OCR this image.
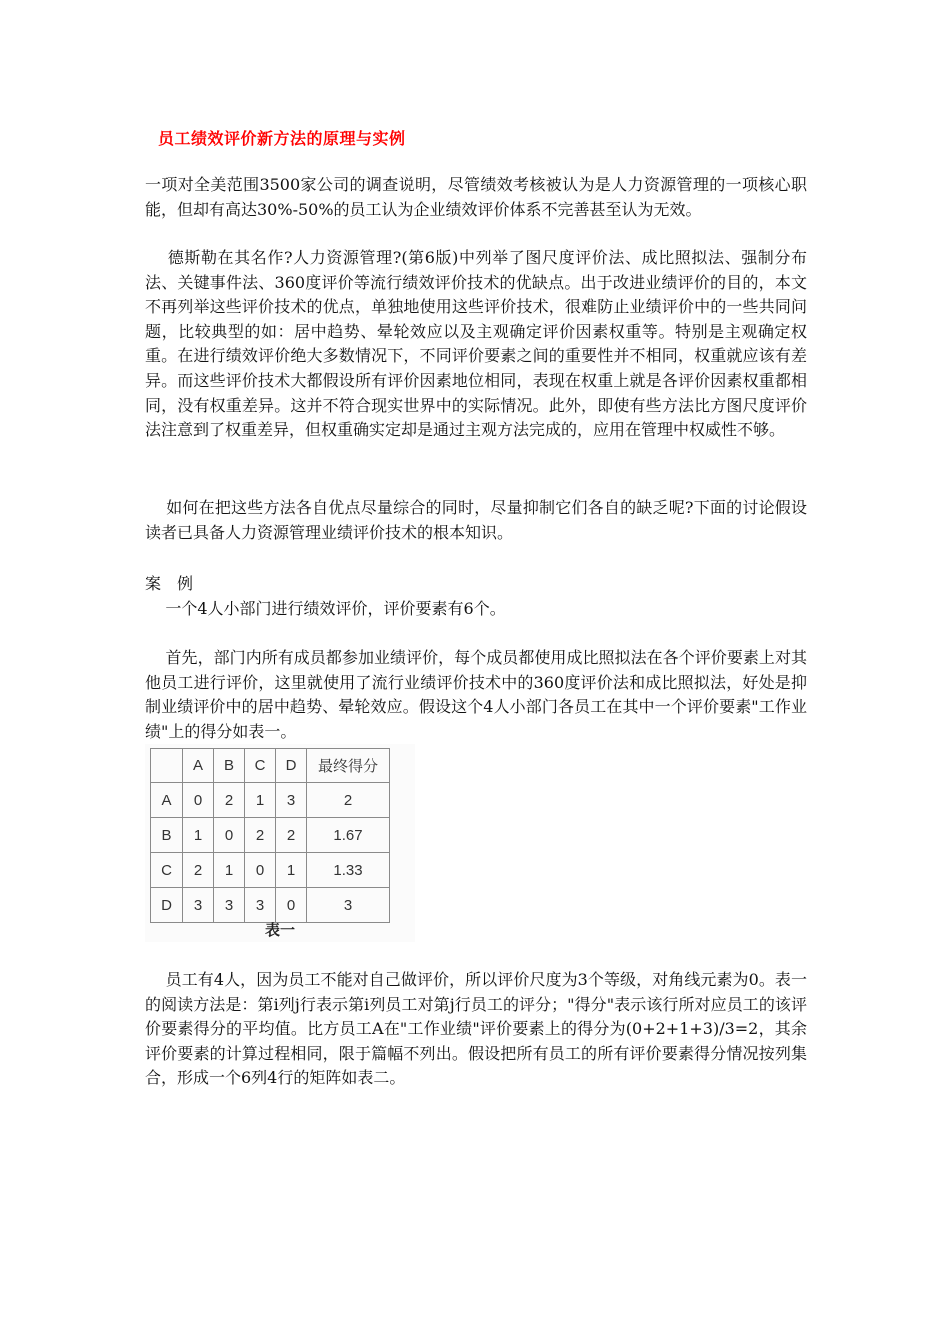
员工绩效评价新方法的原理与实例
一项对全美范围3500家公司的调查说明，尽管绩效考核被认为是人力资源管理的一项核心职能，但却有高达30%-50%的员工认为企业绩效评价体系不完善甚至认为无效。
德斯勒在其名作?人力资源管理?(第6版)中列举了图尺度评价法、成比照拟法、强制分布法、关键事件法、360度评价等流行绩效评价技术的优缺点。出于改进业绩评价的目的，本文不再列举这些评价技术的优点，单独地使用这些评价技术，很难防止业绩评价中的一些共同问题，比较典型的如：居中趋势、晕轮效应以及主观确定评价因素权重等。特别是主观确定权重。在进行绩效评价绝大多数情况下，不同评价要素之间的重要性并不相同，权重就应该有差异。而这些评价技术大都假设所有评价因素地位相同，表现在权重上就是各评价因素权重都相同，没有权重差异。这并不符合现实世界中的实际情况。此外，即使有些方法比方图尺度评价法注意到了权重差异，但权重确实定却是通过主观方法完成的，应用在管理中权威性不够。
如何在把这些方法各自优点尽量综合的同时，尽量抑制它们各自的缺乏呢?下面的讨论假设读者已具备人力资源管理业绩评价技术的根本知识。
案　例
一个4人小部门进行绩效评价，评价要素有6个。
首先，部门内所有成员都参加业绩评价，每个成员都使用成比照拟法在各个评价要素上对其他员工进行评价，这里就使用了流行业绩评价技术中的360度评价法和成比照拟法，好处是抑制业绩评价中的居中趋势、晕轮效应。假设这个4人小部门各员工在其中一个评价要素"工作业绩"上的得分如表一。
	A	B	C	D	最终得分
A	0	2	1	3	2
B	1	0	2	2	1.67
C	2	1	0	1	1.33
D	3	3	3	0	3
表一
员工有4人，因为员工不能对自己做评价，所以评价尺度为3个等级，对角线元素为0。表一的阅读方法是：第i列j行表示第i列员工对第j行员工的评分；"得分"表示该行所对应员工的该评价要素得分的平均值。比方员工A在"工作业绩"评价要素上的得分为(0+2+1+3)/3=2，其余评价要素的计算过程相同，限于篇幅不列出。假设把所有员工的所有评价要素得分情况按列集合，形成一个6列4行的矩阵如表二。
